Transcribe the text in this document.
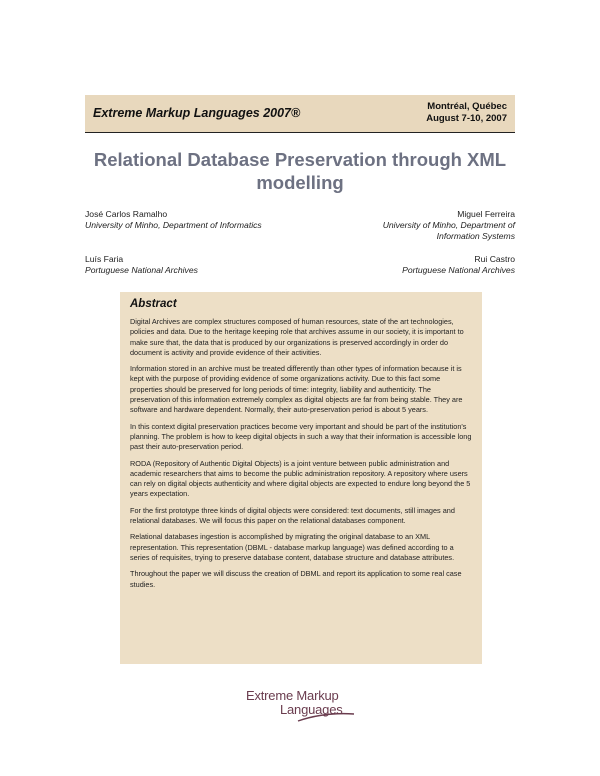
Extreme Markup Languages 2007®	Montréal, Québec
August 7-10, 2007
Relational Database Preservation through XML
modelling
José Carlos Ramalho
University of Minho, Department of Informatics
Miguel Ferreira
University of Minho, Department of
Information Systems
Luís Faria
Portuguese National Archives
Rui Castro
Portuguese National Archives
Abstract

Digital Archives are complex structures composed of human resources, state of the art technologies, policies and data. Due to the heritage keeping role that archives assume in our society, it is important to make sure that, the data that is produced by our organizations is preserved accordingly in order do document is activity and provide evidence of their activities.

Information stored in an archive must be treated differently than other types of information because it is kept with the purpose of providing evidence of some organizations activity. Due to this fact some properties should be preserved for long periods of time: integrity, liability and authenticity. The preservation of this information extremely complex as digital objects are far from being stable. They are software and hardware dependent. Normally, their auto-preservation period is about 5 years.

In this context digital preservation practices become very important and should be part of the institution's planning. The problem is how to keep digital objects in such a way that their information is accessible long past their auto-preservation period.

RODA (Repository of Authentic Digital Objects) is a joint venture between public administration and academic researchers that aims to become the public administration repository. A repository where users can rely on digital objects authenticity and where digital objects are expected to endure long beyond the 5 years expectation.

For the first prototype three kinds of digital objects were considered: text documents, still images and relational databases. We will focus this paper on the relational databases component.

Relational databases ingestion is accomplished by migrating the original database to an XML representation. This representation (DBML - database markup language) was defined according to a series of requisites, trying to preserve database content, database structure and database attributes.

Throughout the paper we will discuss the creation of DBML and report its application to some real case studies.

Extreme Markup
Languages
